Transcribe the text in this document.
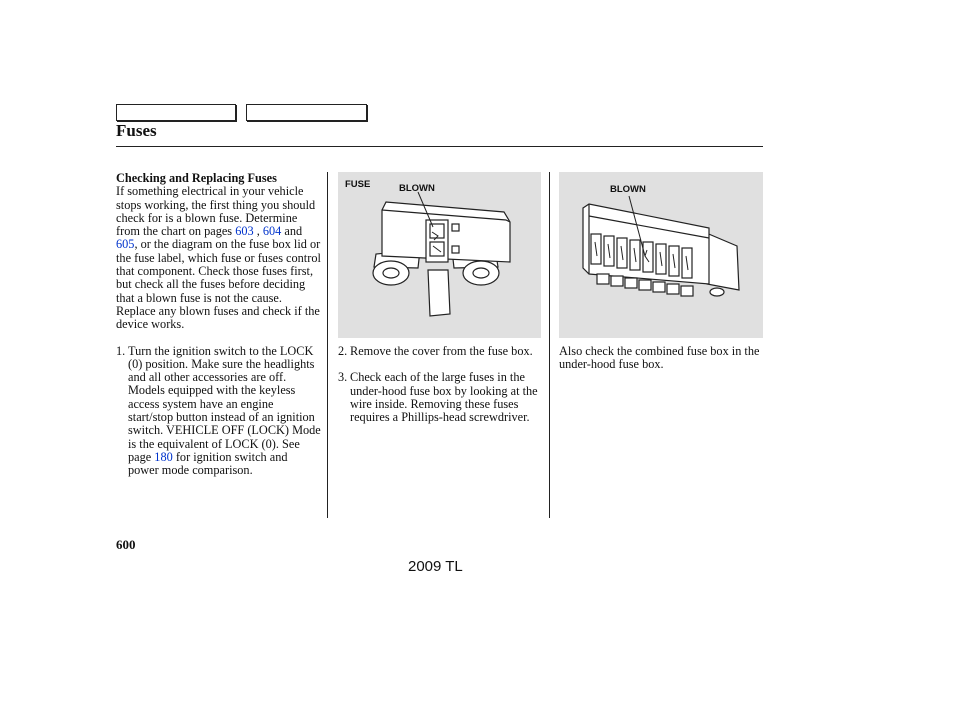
Fuses
Checking and Replacing Fuses

If something electrical in your vehicle stops working, the first thing you should check for is a blown fuse. Determine from the chart on pages 603 , 604 and 605, or the diagram on the fuse box lid or the fuse label, which fuse or fuses control that component. Check those fuses first, but check all the fuses before deciding that a blown fuse is not the cause. Replace any blown fuses and check if the device works.

1. Turn the ignition switch to the LOCK (0) position. Make sure the headlights and all other accessories are off.
Models equipped with the keyless access system have an engine start/stop button instead of an ignition switch. VEHICLE OFF (LOCK) Mode is the equivalent of LOCK (0). See page 180 for ignition switch and power mode comparison.
FUSE	BLOWN	BLOWN
2. Remove the cover from the fuse box.
3. Check each of the large fuses in the under-hood fuse box by looking at the wire inside. Removing these fuses requires a Phillips-head screwdriver.

Also check the combined fuse box in the under-hood fuse box.

600
2009 TL
